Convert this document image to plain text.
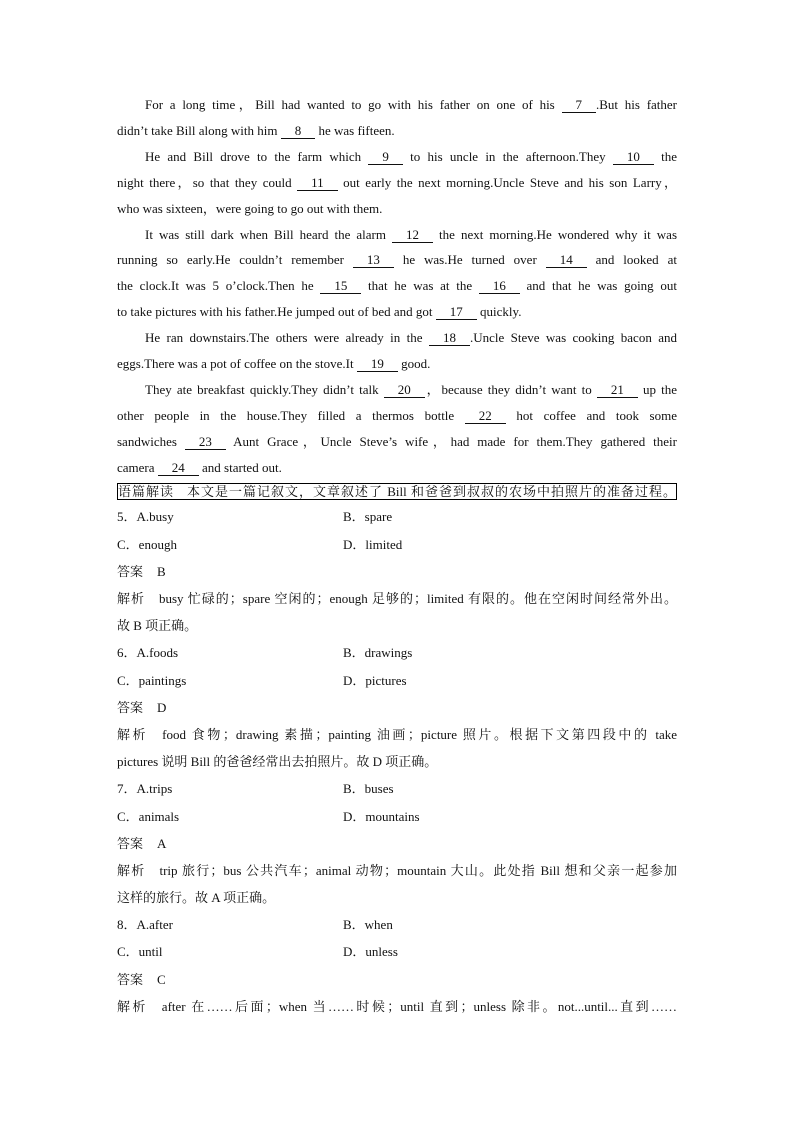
For a long time，Bill had wanted to go with his father on one of his 7 .But his father
didn’t take Bill along with him 8 he was fifteen.
He and Bill drove to the farm which 9 to his uncle in the afternoon.They 10 the
night there，so that they could 11 out early the next morning.Uncle Steve and his son Larry，
who was sixteen，were going to go out with them.
It was still dark when Bill heard the alarm 12 the next morning.He wondered why it was
running so early.He couldn’t remember 13 he was.He turned over 14 and looked at
the clock.It was 5 o’clock.Then he 15 that he was at the 16 and that he was going out
to take pictures with his father.He jumped out of bed and got 17 quickly.
He ran downstairs.The others were already in the 18 .Uncle Steve was cooking bacon and
eggs.There was a pot of coffee on the stove.It 19 good.
They ate breakfast quickly.They didn’t talk 20 ，because they didn’t want to 21 up the
other people in the house.They filled a thermos bottle 22 hot coffee and took some
sandwiches 23 Aunt Grace，Uncle Steve’s wife，had made for them.They gathered their
camera 24 and started out.
语篇解读 本文是一篇记叙文，文章叙述了 Bill 和爸爸到叔叔的农场中拍照片的准备过程。
5．A.busy	B．spare
C．enough	D．limited
答案 B
解析 busy 忙碌的；spare 空闲的；enough 足够的；limited 有限的。他在空闲时间经常外出。
故 B 项正确。
6．A.foods	B．drawings
C．paintings	D．pictures
答案 D
解析 food 食物；drawing 素描；painting 油画；picture 照片。根据下文第四段中的 take
pictures 说明 Bill 的爸爸经常出去拍照片。故 D 项正确。
7．A.trips	B．buses
C．animals	D．mountains
答案 A
解析 trip 旅行；bus 公共汽车；animal 动物；mountain 大山。此处指 Bill 想和父亲一起参加
这样的旅行。故 A 项正确。
8．A.after	B．when
C．until	D．unless
答案 C
解析 after 在……后面；when 当……时候；until 直到；unless 除非。not...until...直到……
